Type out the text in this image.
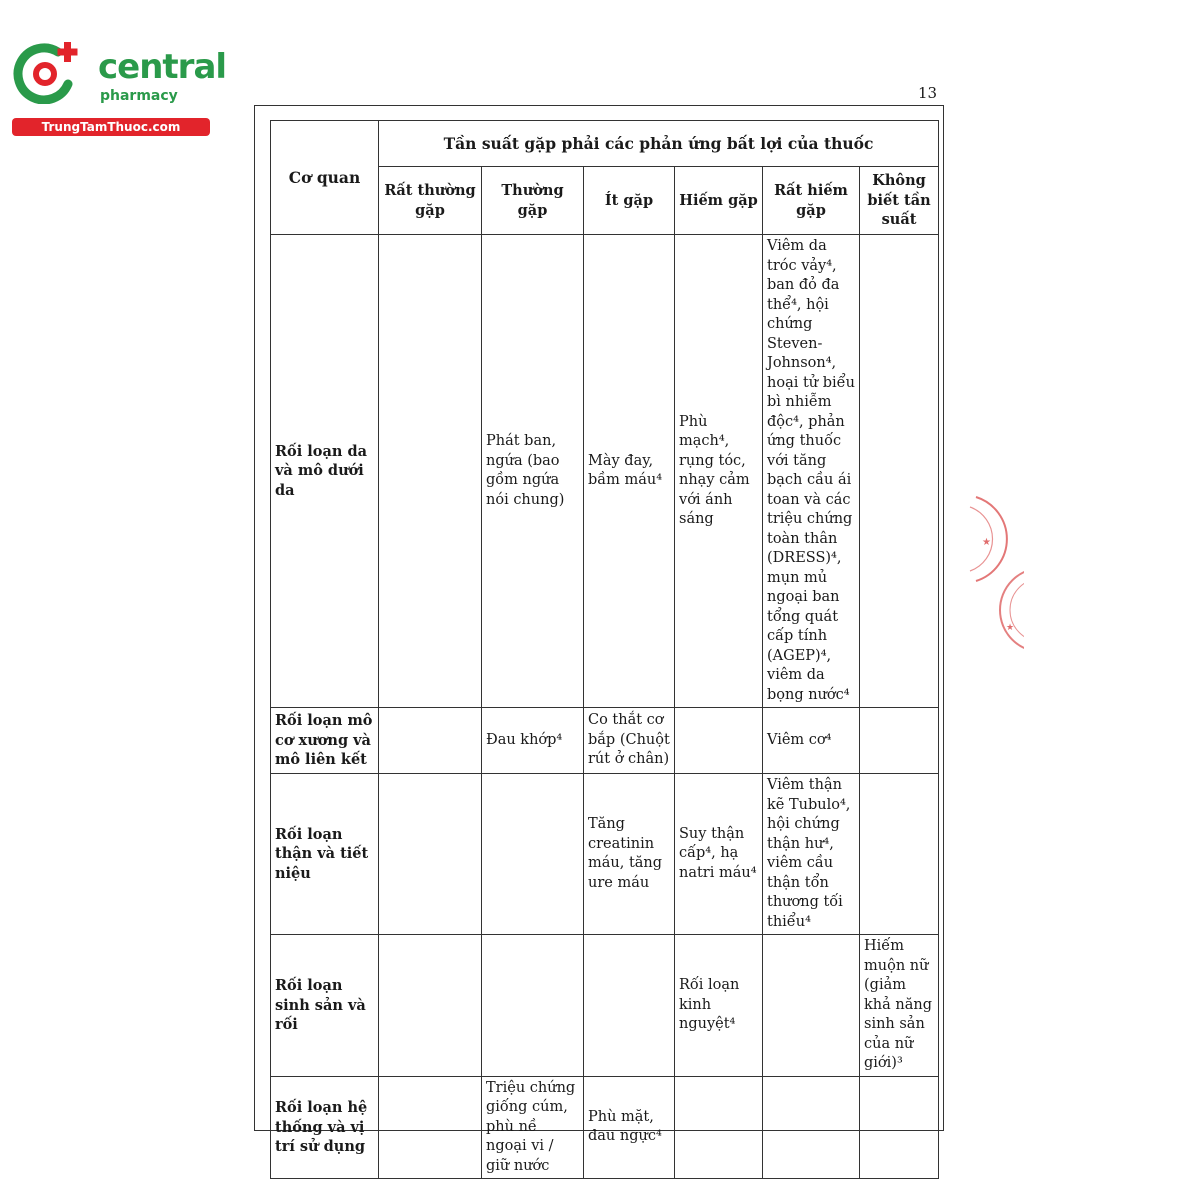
central
pharmacy
TrungTamThuoc.com
13
Cơ quan	Tần suất gặp phải các phản ứng bất lợi của thuốc					
	Rất thường gặp	Thường gặp	Ít gặp	Hiếm gặp	Rất hiếm gặp	Không biết tần suất
Rối loạn da và mô dưới da		Phát ban, ngứa (bao gồm ngứa nói chung)	Mày đay, bầm máu⁴	Phù mạch⁴, rụng tóc, nhạy cảm với ánh sáng	Viêm da tróc vảy⁴, ban đỏ đa thể⁴, hội chứng Steven-Johnson⁴, hoại tử biểu bì nhiễm độc⁴, phản ứng thuốc với tăng bạch cầu ái toan và các triệu chứng toàn thân (DRESS)⁴, mụn mủ ngoại ban tổng quát cấp tính (AGEP)⁴, viêm da bọng nước⁴	
Rối loạn mô cơ xương và mô liên kết		Đau khớp⁴	Co thắt cơ bắp (Chuột rút ở chân)		Viêm cơ⁴	
Rối loạn thận và tiết niệu			Tăng creatinin máu, tăng ure máu	Suy thận cấp⁴, hạ natri máu⁴	Viêm thận kẽ Tubulo⁴, hội chứng thận hư⁴, viêm cầu thận tổn thương tối thiểu⁴	
Rối loạn sinh sản và rối				Rối loạn kinh nguyệt⁴		Hiếm muộn nữ (giảm khả năng sinh sản của nữ giới)³
Rối loạn hệ thống và vị trí sử dụng		Triệu chứng giống cúm, phù nề ngoại vi / giữ nước	Phù mặt, đau ngực⁴			
★
★
